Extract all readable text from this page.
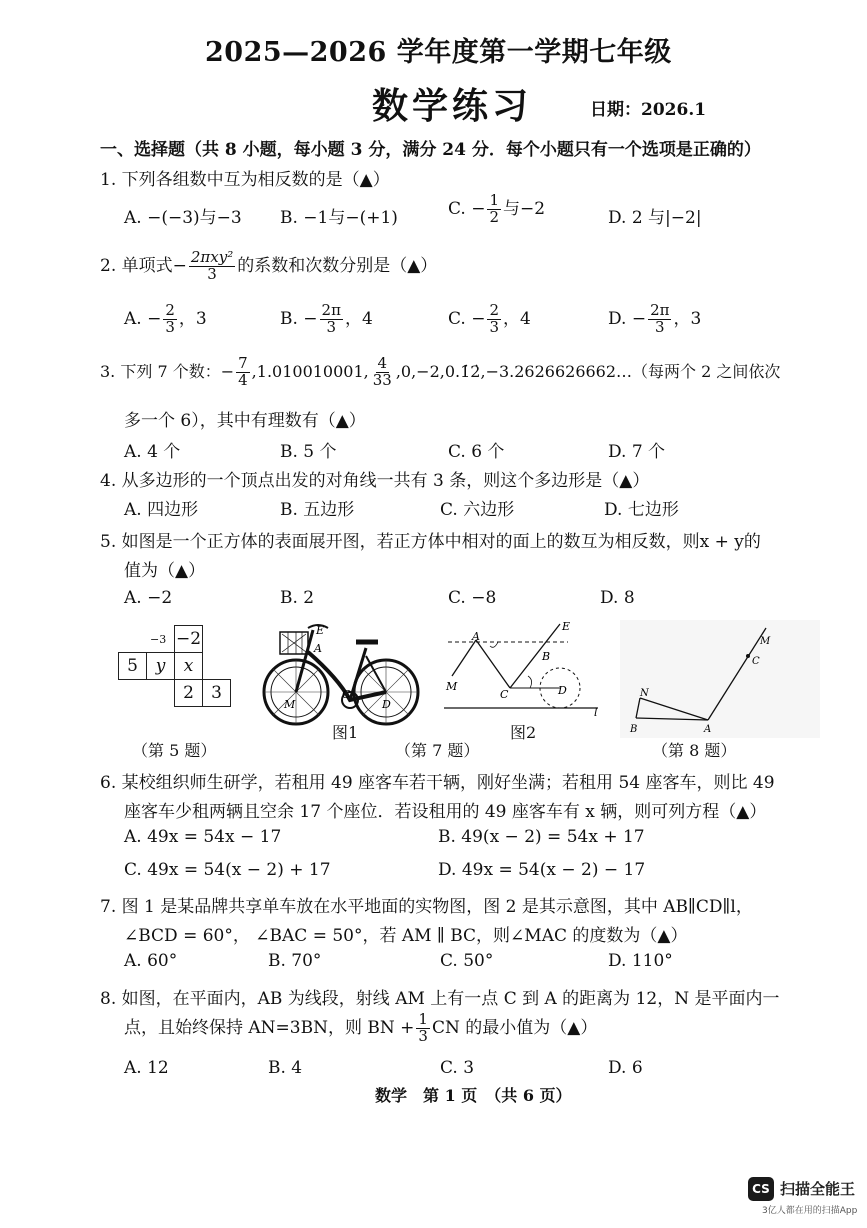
2025—2026 学年度第一学期七年级
数学练习	日期：2026.1
一、选择题（共 8 小题，每小题 3 分，满分 24 分．每个小题只有一个选项是正确的）
1. 下列各组数中互为相反数的是（▲）
A. −(−3)与−3 B. −1与−(+1)	C. − $\frac{1}{2}$ 与−2	D. 2 与|−2|
2. 单项式− $\frac{\text{2πxy²}}{3}$ 的系数和次数分别是（▲）
A. − $\frac{2}{3}$ ，3	B. − $\frac{2\pi}{3}$ ，4	C. − $\frac{2}{3}$ ，4	D. − $\frac{2\pi}{3}$ ，3
3. 下列 7 个数：− $\frac{7}{4} ,1.010010001$, $\frac{4}{33}$ ,0,−2,0.1̇2̇,−3.2626626662…（每两个 2 之间依次
多一个 6），其中有理数有（▲）
A. 4 个	B. 5 个	C. 6 个	D. 7 个
4. 从多边形的一个顶点出发的对角线一共有 3 条，则这个多边形是（▲）
A. 四边形	B. 五边形	C. 六边形	D. 七边形
5. 如图是一个正方体的表面展开图，若正方体中相对的面上的数互为相反数，则x + y的
值为（▲）
A. −2	B. 2	C. −8	D. 8
−3
		−2	
5	y	x	
		2	3
E
A
M
C
D
图1
E
A
B
M
C	D
l
图2
M
C
N
B	A
（第 5 题）	（第 7 题）	（第 8 题）
6. 某校组织师生研学，若租用 49 座客车若干辆，刚好坐满；若租用 54 座客车，则比 49
座客车少租两辆且空余 17 个座位．若设租用的 49 座客车有 x 辆，则可列方程（▲）
A. 49x = 54x − 17	B. 49(x − 2) = 54x + 17
C. 49x = 54(x − 2) + 17	D. 49x = 54(x − 2) − 17
7. 图 1 是某品牌共享单车放在水平地面的实物图，图 2 是其示意图，其中 AB∥CD∥l，
∠BCD = 60°， ∠BAC = 50°，若 AM ∥ BC，则∠MAC 的度数为（▲）
A. 60°	B. 70°	C. 50°	D. 110°
8. 如图，在平面内，AB 为线段，射线 AM 上有一点 C 到 A 的距离为 12，N 是平面内一
点，且始终保持 AN=3BN，则 BN + $\frac{1}{3}$ CN 的最小值为（▲）
A. 12	B. 4	C. 3	D. 6
数学　第 1 页　（共 6 页）
CS 扫描全能王
3亿人都在用的扫描App
